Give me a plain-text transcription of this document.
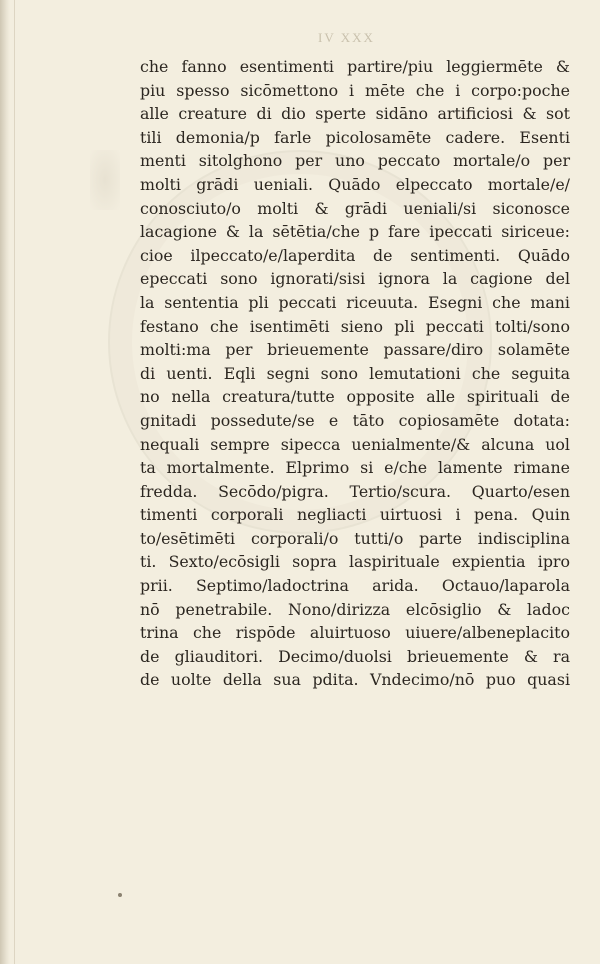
IV XXX
che fanno esentimenti partire/piu leggiermēte &
piu spesso sicōmettono i mēte che i corpo:poche
alle creature di dio sperte sidāno artificiosi & sot
tili demonia/p farle picolosamēte cadere. Esenti
menti sitolghono per uno peccato mortale/o per
molti grādi ueniali. Quādo elpeccato mortale/e/
conosciuto/o molti & grādi ueniali/si siconosce
lacagione & la sētētia/che p fare ipeccati siriceue:
cioe ilpeccato/e/laperdita de sentimenti. Quādo
epeccati sono ignorati/sisi ignora la cagione del
la sententia pli peccati riceuuta. Esegni che mani
festano che isentimēti sieno pli peccati tolti/sono
molti:ma per brieuemente passare/diro solamēte
di uenti. Eqli segni sono lemutationi che seguita
no nella creatura/tutte opposite alle spirituali de
gnitadi possedute/se e tāto copiosamēte dotata:
nequali sempre sipecca uenialmente/& alcuna uol
ta mortalmente. Elprimo si e/che lamente rimane
fredda. Secōdo/pigra. Tertio/scura. Quarto/esen
timenti corporali negliacti uirtuosi i pena. Quin
to/esētimēti corporali/o tutti/o parte indisciplina
ti. Sexto/ecōsigli sopra laspirituale expientia ipro
prii. Septimo/ladoctrina arida. Octauo/laparola
nō penetrabile. Nono/dirizza elcōsiglio & ladoc
trina che rispōde aluirtuoso uiuere/albeneplacito
de gliauditori. Decimo/duolsi brieuemente & ra
de uolte della sua pdita. Vndecimo/nō puo quasi
